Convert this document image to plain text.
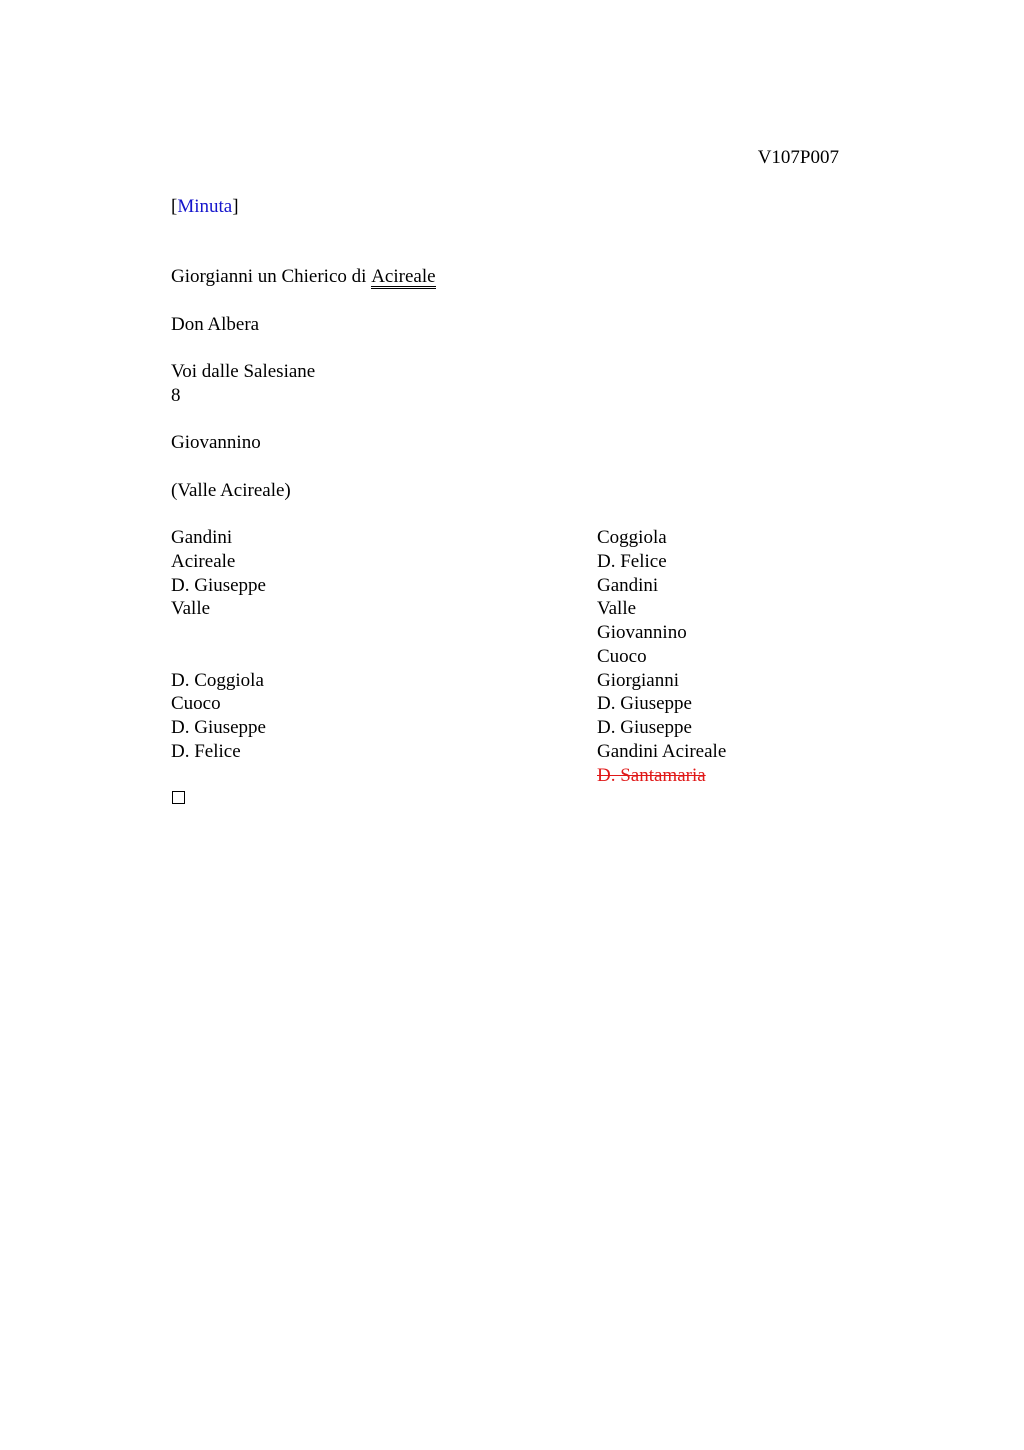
V107P007
[Minuta]
Giorgianni un Chierico di Acireale
Don Albera
Voi dalle Salesiane
8
Giovannino
(Valle Acireale)
Gandini
Acireale
D. Giuseppe
Valle
D. Coggiola
Cuoco
D. Giuseppe
D. Felice
Coggiola
D. Felice
Gandini
Valle
Giovannino
Cuoco
Giorgianni
D. Giuseppe
D. Giuseppe
Gandini Acireale
D. Santamaria
